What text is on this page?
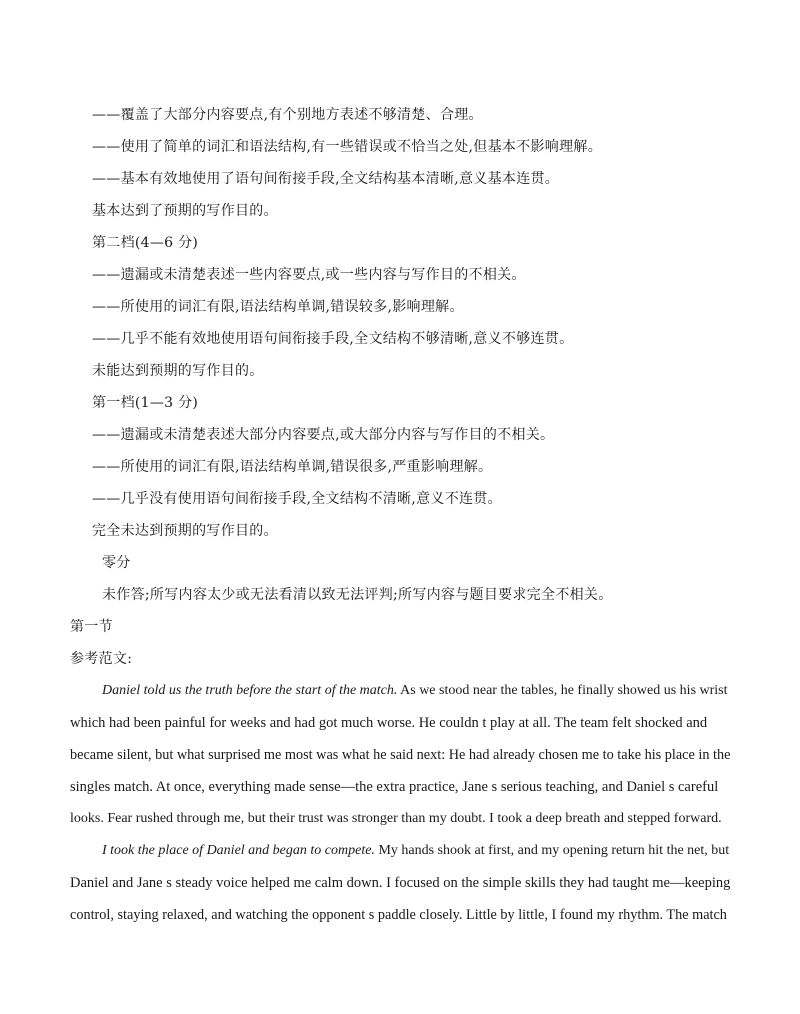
——覆盖了大部分内容要点,有个别地方表述不够清楚、合理。
——使用了简单的词汇和语法结构,有一些错误或不恰当之处,但基本不影响理解。
——基本有效地使用了语句间衔接手段,全文结构基本清晰,意义基本连贯。
基本达到了预期的写作目的。
第二档(4—6 分)
——遗漏或未清楚表述一些内容要点,或一些内容与写作目的不相关。
——所使用的词汇有限,语法结构单调,错误较多,影响理解。
——几乎不能有效地使用语句间衔接手段,全文结构不够清晰,意义不够连贯。
未能达到预期的写作目的。
第一档(1—3 分)
——遗漏或未清楚表述大部分内容要点,或大部分内容与写作目的不相关。
——所使用的词汇有限,语法结构单调,错误很多,严重影响理解。
——几乎没有使用语句间衔接手段,全文结构不清晰,意义不连贯。
完全未达到预期的写作目的。
零分
未作答;所写内容太少或无法看清以致无法评判;所写内容与题目要求完全不相关。
第一节
参考范文:
Daniel told us the truth before the start of the match. As we stood near the tables, he finally showed us his wrist
which had been painful for weeks and had got much worse. He couldn t play at all. The team felt shocked and
became silent, but what surprised me most was what he said next: He had already chosen me to take his place in the
singles match. At once, everything made sense—the extra practice, Jane s serious teaching, and Daniel s careful
looks. Fear rushed through me, but their trust was stronger than my doubt. I took a deep breath and stepped forward.
I took the place of Daniel and began to compete. My hands shook at first, and my opening return hit the net, but
Daniel and Jane s steady voice helped me calm down. I focused on the simple skills they had taught me—keeping
control, staying relaxed, and watching the opponent s paddle closely. Little by little, I found my rhythm. The match
